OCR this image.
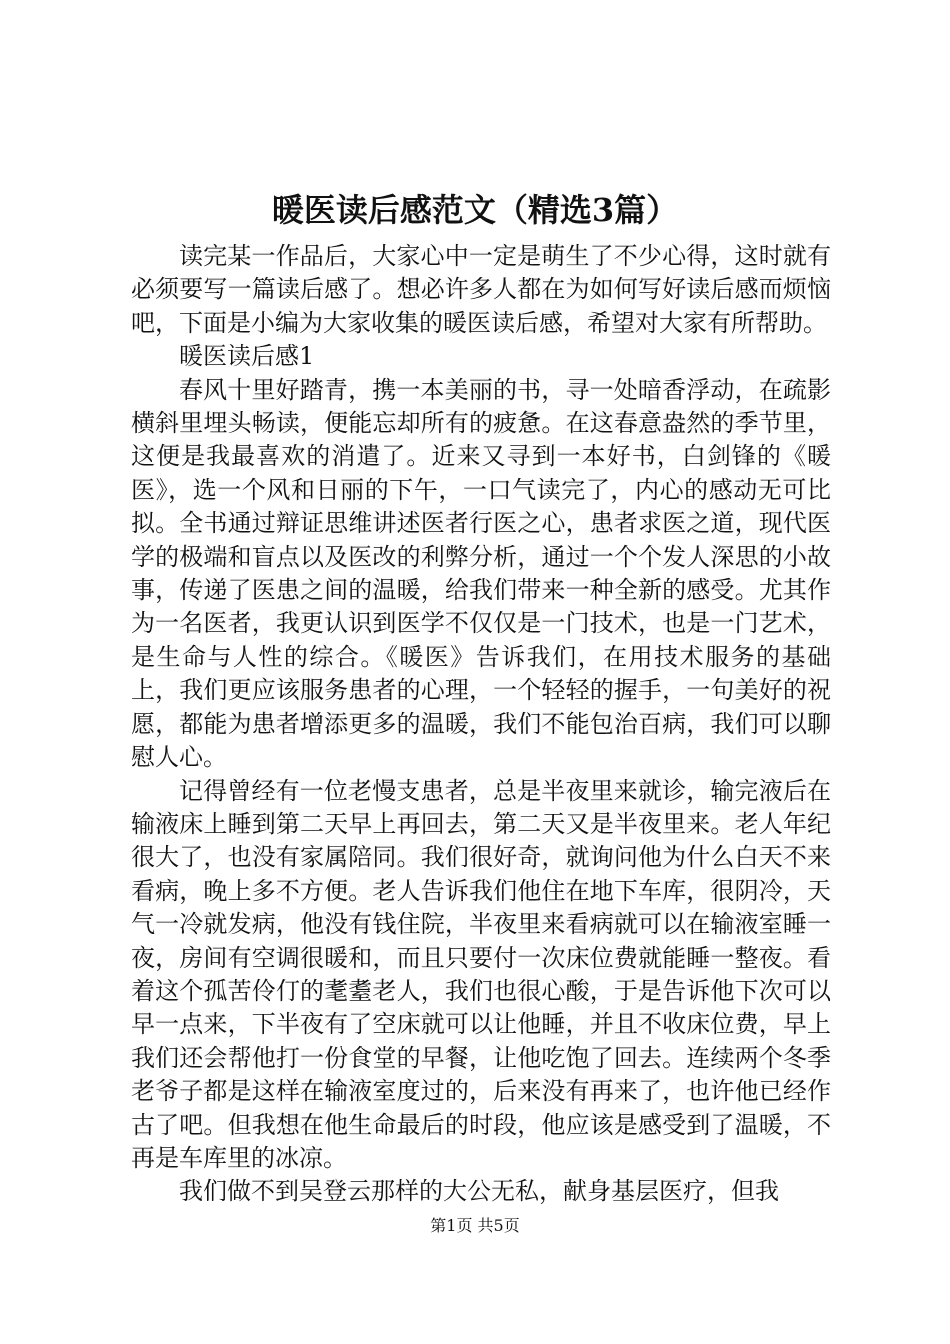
暖医读后感范文（精选3篇）

读完某一作品后，大家心中一定是萌生了不少心得，这时就有必须要写一篇读后感了。想必许多人都在为如何写好读后感而烦恼吧，下面是小编为大家收集的暖医读后感，希望对大家有所帮助。

暖医读后感1

春风十里好踏青，携一本美丽的书，寻一处暗香浮动，在疏影横斜里埋头畅读，便能忘却所有的疲惫。在这春意盎然的季节里，这便是我最喜欢的消遣了。近来又寻到一本好书，白剑锋的《暖医》，选一个风和日丽的下午，一口气读完了，内心的感动无可比拟。全书通过辩证思维讲述医者行医之心，患者求医之道，现代医学的极端和盲点以及医改的利弊分析，通过一个个发人深思的小故事，传递了医患之间的温暖，给我们带来一种全新的感受。尤其作为一名医者，我更认识到医学不仅仅是一门技术，也是一门艺术，是生命与人性的综合。《暖医》告诉我们，在用技术服务的基础上，我们更应该服务患者的心理，一个轻轻的握手，一句美好的祝愿，都能为患者增添更多的温暖，我们不能包治百病，我们可以聊慰人心。

记得曾经有一位老慢支患者，总是半夜里来就诊，输完液后在输液床上睡到第二天早上再回去，第二天又是半夜里来。老人年纪很大了，也没有家属陪同。我们很好奇，就询问他为什么白天不来看病，晚上多不方便。老人告诉我们他住在地下车库，很阴冷，天气一冷就发病，他没有钱住院，半夜里来看病就可以在输液室睡一夜，房间有空调很暖和，而且只要付一次床位费就能睡一整夜。看着这个孤苦伶仃的耄耋老人，我们也很心酸，于是告诉他下次可以早一点来，下半夜有了空床就可以让他睡，并且不收床位费，早上我们还会帮他打一份食堂的早餐，让他吃饱了回去。连续两个冬季老爷子都是这样在输液室度过的，后来没有再来了，也许他已经作古了吧。但我想在他生命最后的时段，他应该是感受到了温暖，不再是车库里的冰凉。

我们做不到吴登云那样的大公无私，献身基层医疗，但我

第1页 共5页
